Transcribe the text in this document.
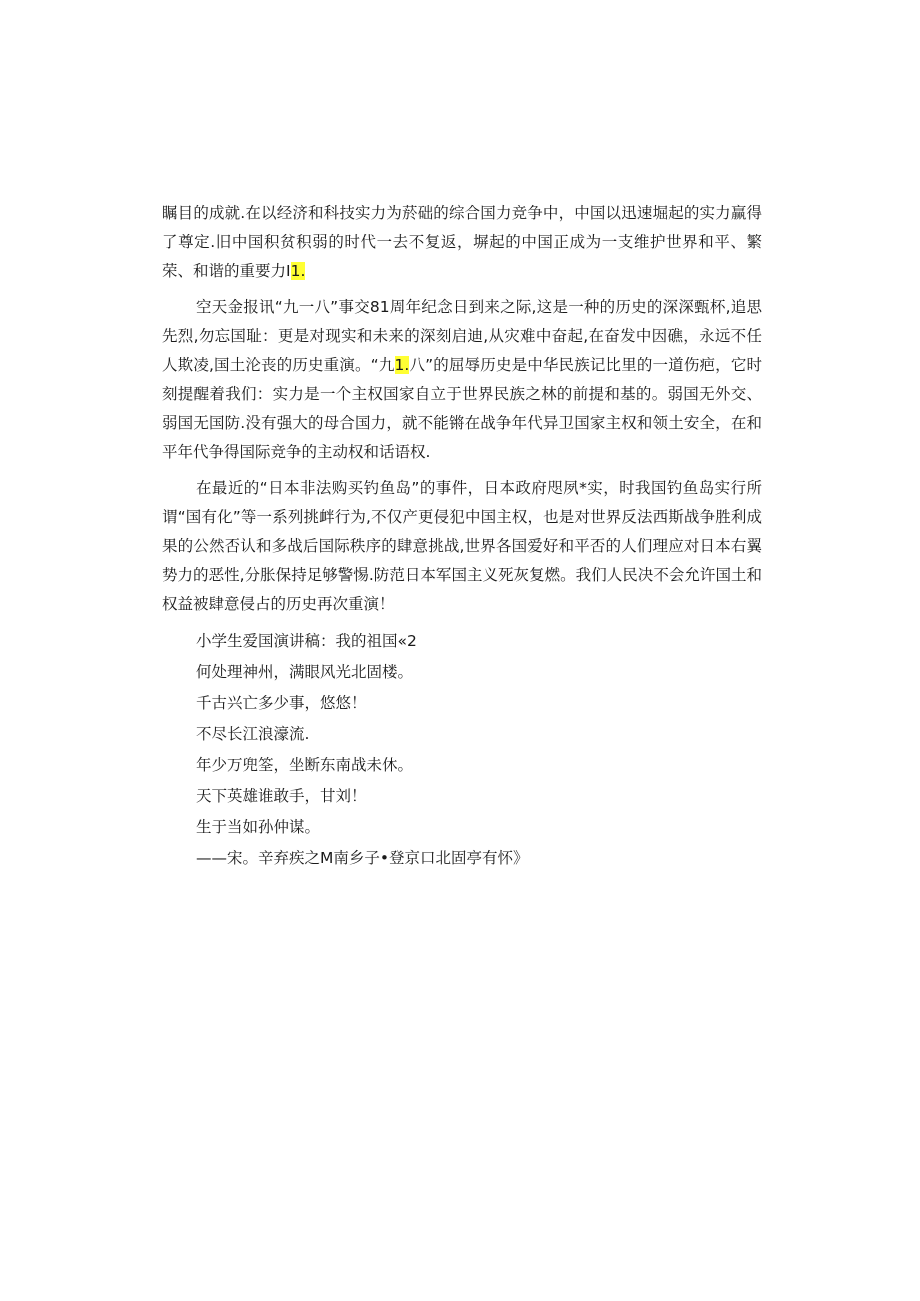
瞩目的成就.在以经济和科技实力为菸础的综合国力竞争中，中国以迅速堀起的实力赢得了尊定.旧中国积贫积弱的时代一去不复返，塀起的中国正成为一支维护世界和平、繁荣、和谐的重要力I1.

空天金报讯“九一八”事交81周年纪念日到来之际,这是一种的历史的深深甄杯,追思先烈,勿忘国耻：更是对现实和未来的深刻启迪,从灾难中奋起,在奋发中因礁，永远不任人欺凌,国土沦丧的历史重演。“九1.八”的屈辱历史是中华民族记比里的一道伤疤，它时刻提醒着我们：实力是一个主权国家自立于世界民族之林的前提和基的。弱国无外交、弱国无国防.没有强大的母合国力，就不能锵在战争年代异卫国家主权和领土安全，在和平年代争得国际竞争的主动权和话语权.

在最近的“日本非法购买钓鱼岛”的事件，日本政府咫夙*实，时我国钓鱼岛实行所谓“国有化”等一系列挑衅行为,不仅产更侵犯中国主权，也是对世界反法西斯战争胜利成果的公然否认和多战后国际秩序的肆意挑战,世界各国爱好和平否的人们理应对日本右翼势力的恶性,分胀保持足够警惕.防范日本军国主义死灰复燃。我们人民决不会允许国土和权益被肆意侵占的历史再次重演！

小学生爱国演讲稿：我的祖国«2

何处理神州，满眼风光北固楼。

千古兴亡多少事，悠悠！

不尽长江浪濠流.

年少万兜筌，坐断东南战未休。

天下英雄谁敢手，甘刘！

生于当如孙仲谋。

——宋。辛弃疾之M南乡子•登京口北固亭有怀》
